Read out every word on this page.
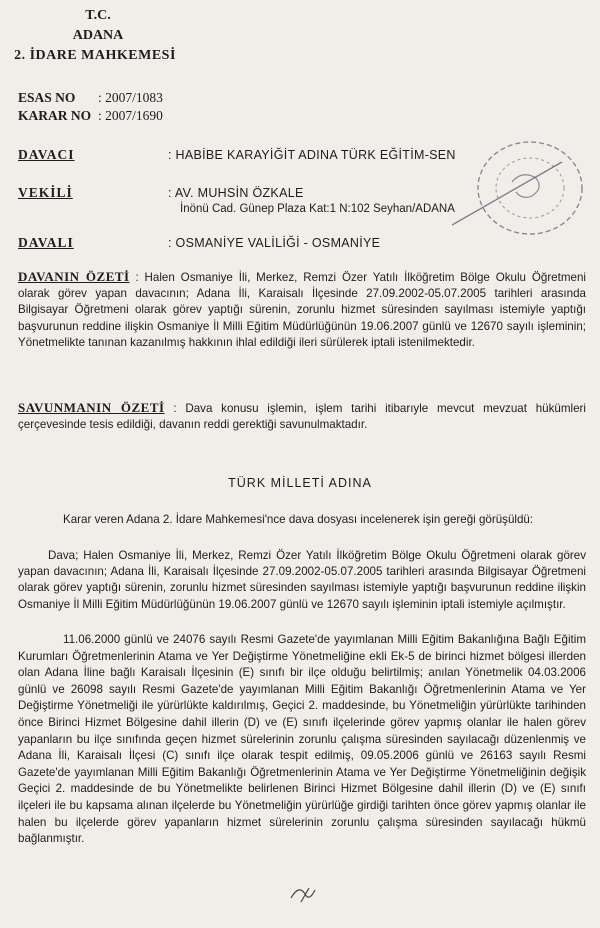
T.C.
ADANA
2. İDARE MAHKEMESİ
ESAS NO : 2007/1083
KARAR NO : 2007/1690
DAVACI	: HABİBE KARAYİĞİT ADINA TÜRK EĞİTİM-SEN
VEKİLİ	: AV. MUHSİN ÖZKALE
İnönü Cad. Günep Plaza Kat:1 N:102 Seyhan/ADANA
DAVALI	: OSMANİYE VALİLİĞİ - OSMANİYE
DAVANIN ÖZETİ : Halen Osmaniye İli, Merkez, Remzi Özer Yatılı İlköğretim Bölge Okulu Öğretmeni olarak görev yapan davacının; Adana İli, Karaisalı İlçesinde 27.09.2002-05.07.2005 tarihleri arasında Bilgisayar Öğretmeni olarak görev yaptığı sürenin, zorunlu hizmet süresinden sayılması istemiyle yaptığı başvurunun reddine ilişkin Osmaniye İl Milli Eğitim Müdürlüğünün 19.06.2007 günlü ve 12670 sayılı işleminin; Yönetmelikte tanınan kazanılmış hakkının ihlal edildiği ileri sürülerek iptali istenilmektedir.
SAVUNMANIN ÖZETİ : Dava konusu işlemin, işlem tarihi itibarıyle mevcut mevzuat hükümleri çerçevesinde tesis edildiği, davanın reddi gerektiği savunulmaktadır.
TÜRK MİLLETİ ADINA
Karar veren Adana 2. İdare Mahkemesi'nce dava dosyası incelenerek işin gereği görüşüldü:
Dava; Halen Osmaniye İli, Merkez, Remzi Özer Yatılı İlköğretim Bölge Okulu Öğretmeni olarak görev yapan davacının; Adana İli, Karaisalı İlçesinde 27.09.2002-05.07.2005 tarihleri arasında Bilgisayar Öğretmeni olarak görev yaptığı sürenin, zorunlu hizmet süresinden sayılması istemiyle yaptığı başvurunun reddine ilişkin Osmaniye İl Milli Eğitim Müdürlüğünün 19.06.2007 günlü ve 12670 sayılı işleminin iptali istemiyle açılmıştır.
11.06.2000 günlü ve 24076 sayılı Resmi Gazete'de yayımlanan Milli Eğitim Bakanlığına Bağlı Eğitim Kurumları Öğretmenlerinin Atama ve Yer Değiştirme Yönetmeliğine ekli Ek-5 de birinci hizmet bölgesi illerden olan Adana İline bağlı Karaisalı İlçesinin (E) sınıfı bir ilçe olduğu belirtilmiş; anılan Yönetmelik 04.03.2006 günlü ve 26098 sayılı Resmi Gazete'de yayımlanan Milli Eğitim Bakanlığı Öğretmenlerinin Atama ve Yer Değiştirme Yönetmeliği ile yürürlükte kaldırılmış, Geçici 2. maddesinde, bu Yönetmeliğin yürürlükte tarihinden önce Birinci Hizmet Bölgesine dahil illerin (D) ve (E) sınıfı ilçelerinde görev yapmış olanlar ile halen görev yapanların bu ilçe sınıfında geçen hizmet sürelerinin zorunlu çalışma süresinden sayılacağı düzenlenmiş ve Adana İli, Karaisalı İlçesi (C) sınıfı ilçe olarak tespit edilmiş, 09.05.2006 günlü ve 26163 sayılı Resmi Gazete'de yayımlanan Milli Eğitim Bakanlığı Öğretmenlerinin Atama ve Yer Değiştirme Yönetmeliğinin değişik Geçici 2. maddesinde de bu Yönetmelikte belirlenen Birinci Hizmet Bölgesine dahil illerin (D) ve (E) sınıfı ilçeleri ile bu kapsama alınan ilçelerde bu Yönetmeliğin yürürlüğe girdiği tarihten önce görev yapmış olanlar ile halen bu ilçelerde görev yapanların hizmet sürelerinin zorunlu çalışma süresinden sayılacağı hükmü bağlanmıştır.
